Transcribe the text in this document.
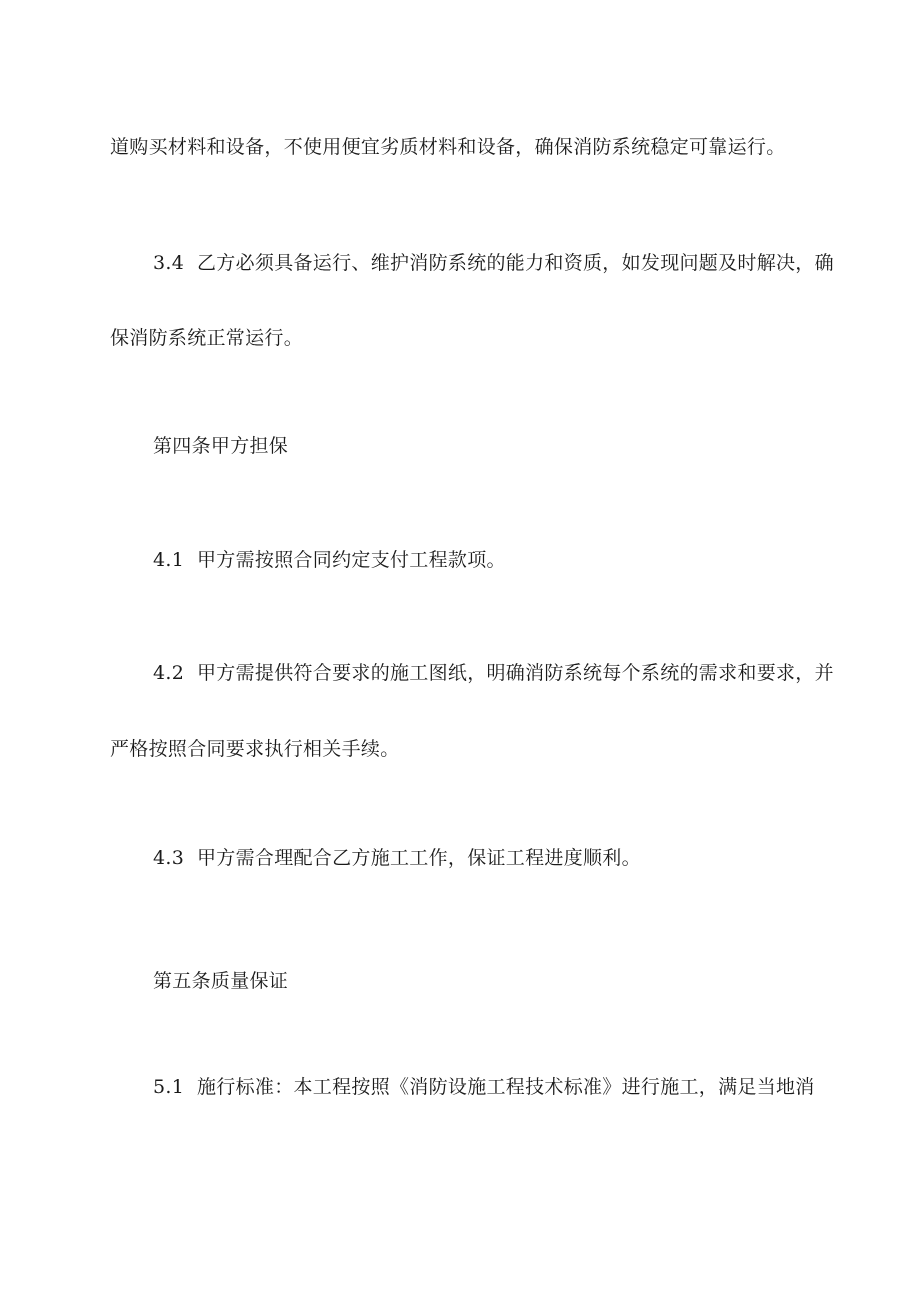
道购买材料和设备，不使用便宜劣质材料和设备，确保消防系统稳定可靠运行。
3.4 乙方必须具备运行、维护消防系统的能力和资质，如发现问题及时解决，确
保消防系统正常运行。
第四条甲方担保
4.1 甲方需按照合同约定支付工程款项。
4.2 甲方需提供符合要求的施工图纸，明确消防系统每个系统的需求和要求，并
严格按照合同要求执行相关手续。
4.3 甲方需合理配合乙方施工工作，保证工程进度顺利。
第五条质量保证
5.1 施行标准：本工程按照《消防设施工程技术标准》进行施工，满足当地消
